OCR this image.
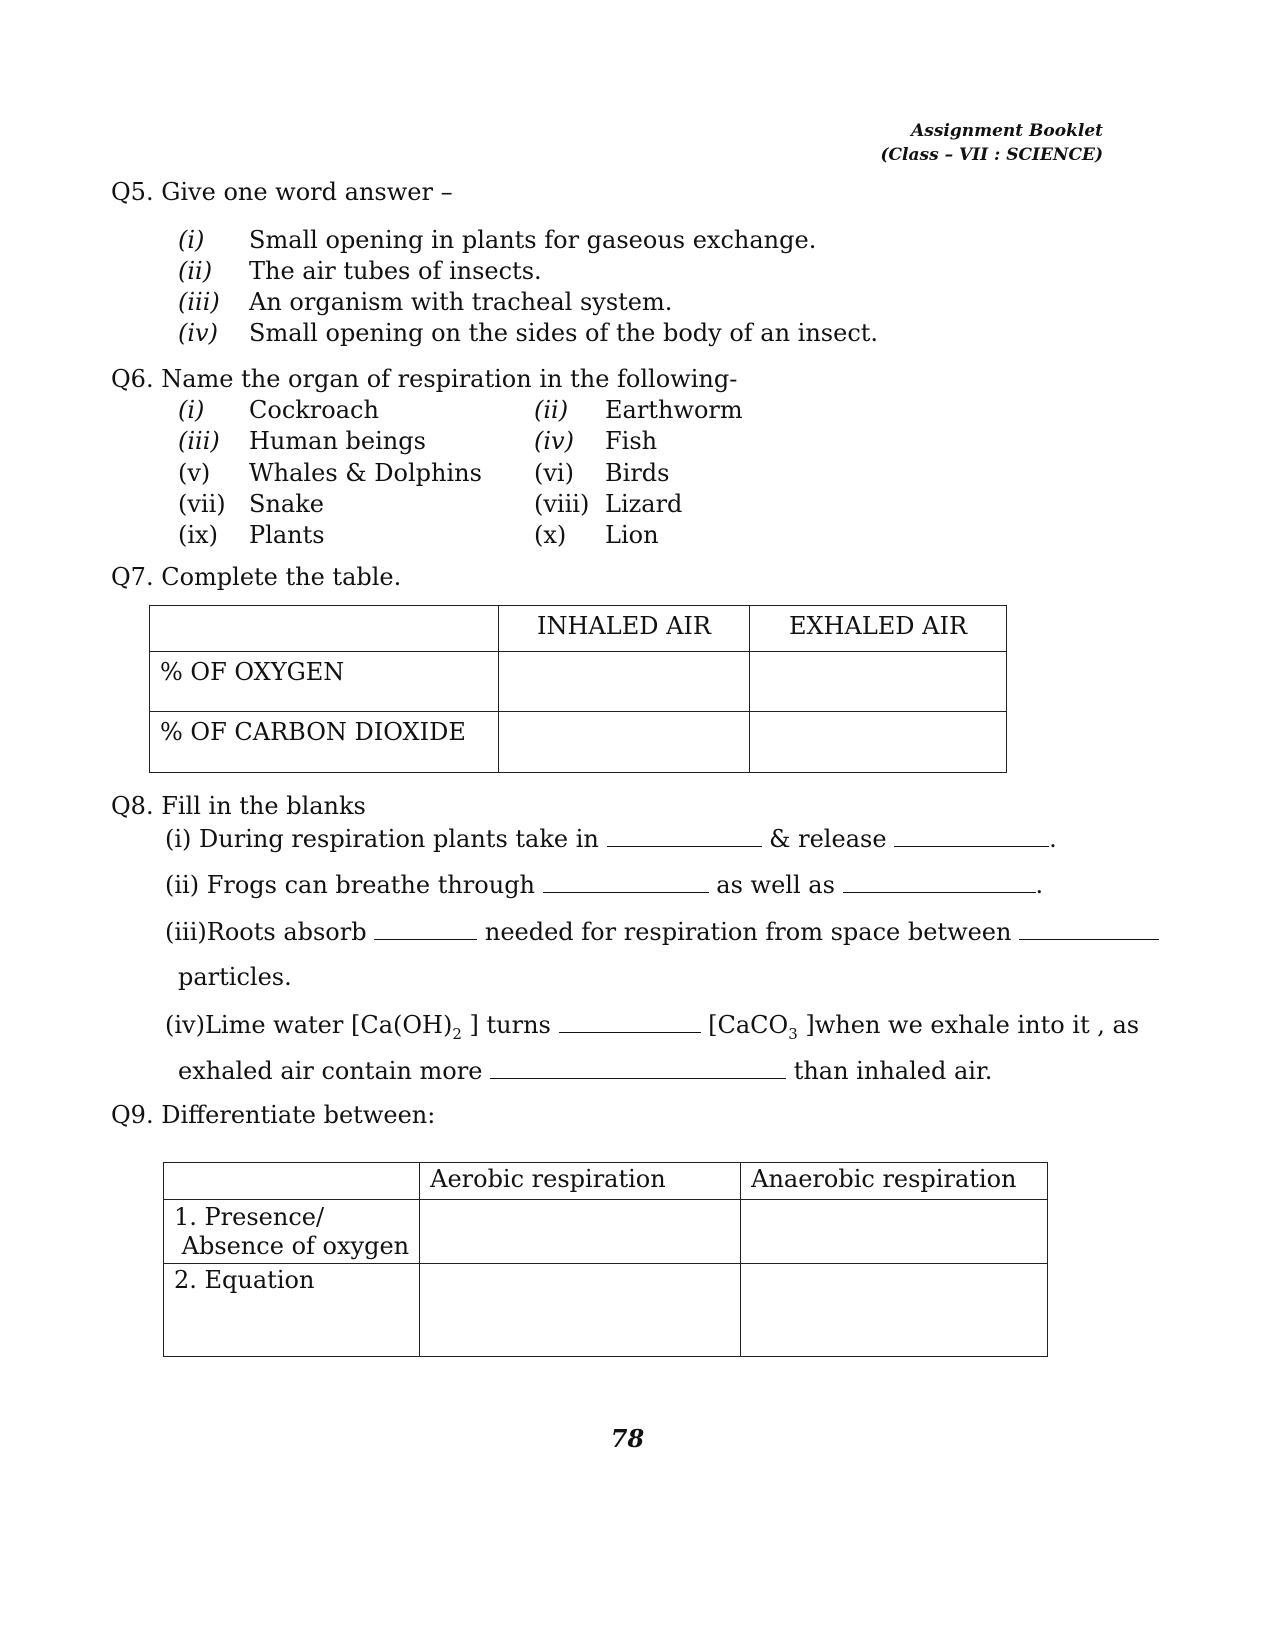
Assignment Booklet
(Class – VII : SCIENCE)
Q5. Give one word answer –
(i) Small opening in plants for gaseous exchange.
(ii) The air tubes of insects.
(iii) An organism with tracheal system.
(iv) Small opening on the sides of the body of an insect.
Q6. Name the organ of respiration in the following-
(i) Cockroach	(ii) Earthworm
(iii) Human beings	(iv) Fish
(v) Whales & Dolphins (vi) Birds
(vii) Snake	(viii) Lizard
(ix) Plants	(x) Lion
Q7. Complete the table.

	INHALED AIR	EXHALED AIR

% OF OXYGEN		

% OF CARBON DIOXIDE		

Q8. Fill in the blanks
(i) During respiration plants take in	& release	.
(ii) Frogs can breathe through	as well as	.
(iii)Roots absorb	needed for respiration from space between
particles.
(iv)Lime water [$Ca(OH)_2$ ] turns	[CaCO$_3$ ]when we exhale into it , as
exhaled air contain more	than inhaled air.
Q9. Differentiate between:

	Aerobic respiration	Anaerobic respiration

1. Presence/
Absence of oxygen		

2. Equation		

78
